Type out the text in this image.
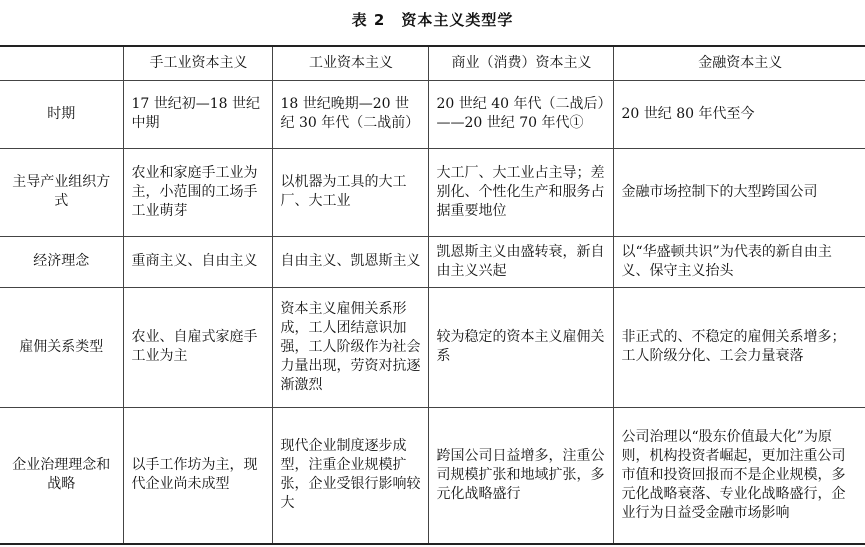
表 2　资本主义类型学
	手工业资本主义	工业资本主义	商业（消费）资本主义	金融资本主义
时期	17 世纪初—18 世纪中期	18 世纪晚期—20 世纪 30 年代（二战前）	20 世纪 40 年代（二战后）——20 世纪 70 年代①	20 世纪 80 年代至今
主导产业组织方式	农业和家庭手工业为主，小范围的工场手工业萌芽	以机器为工具的大工厂、大工业	大工厂、大工业占主导；差别化、个性化生产和服务占据重要地位	金融市场控制下的大型跨国公司
经济理念	重商主义、自由主义	自由主义、凯恩斯主义	凯恩斯主义由盛转衰，新自由主义兴起	以“华盛顿共识”为代表的新自由主义、保守主义抬头
雇佣关系类型	农业、自雇式家庭手工业为主	资本主义雇佣关系形成，工人团结意识加强，工人阶级作为社会力量出现，劳资对抗逐渐激烈	较为稳定的资本主义雇佣关系	非正式的、不稳定的雇佣关系增多；工人阶级分化、工会力量衰落
企业治理理念和战略	以手工作坊为主，现代企业尚未成型	现代企业制度逐步成型，注重企业规模扩张，企业受银行影响较大	跨国公司日益增多，注重公司规模扩张和地域扩张，多元化战略盛行	公司治理以“股东价值最大化”为原则，机构投资者崛起，更加注重公司市值和投资回报而不是企业规模，多元化战略衰落、专业化战略盛行，企业行为日益受金融市场影响
